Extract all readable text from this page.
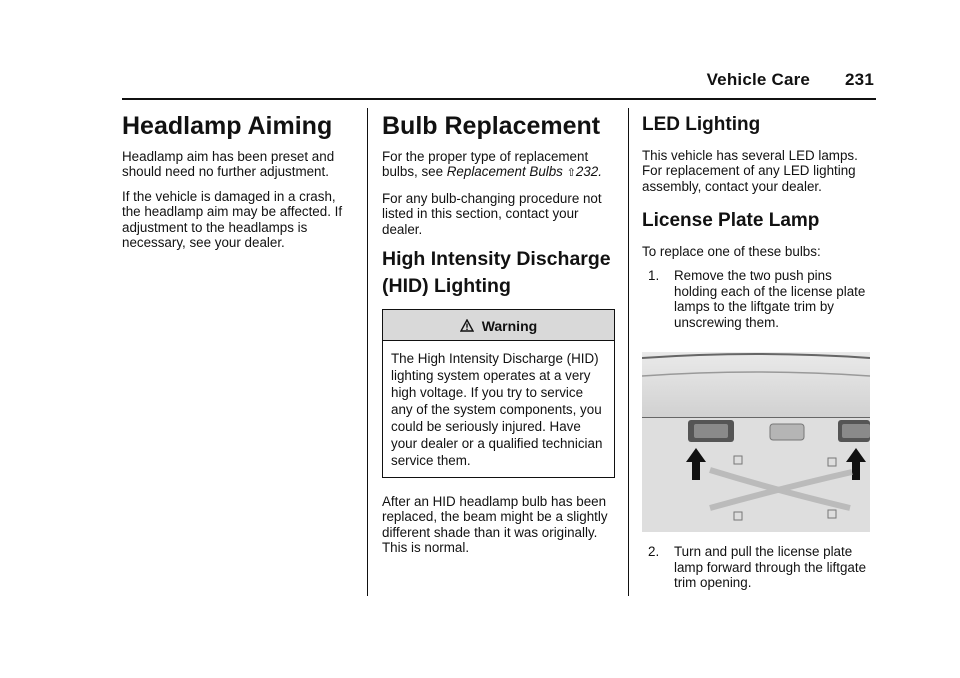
Vehicle Care 231
Headlamp Aiming

Headlamp aim has been preset and should need no further adjustment.

If the vehicle is damaged in a crash, the headlamp aim may be affected. If adjustment to the headlamps is necessary, see your dealer.

Bulb Replacement

For the proper type of replacement bulbs, see Replacement Bulbs ⇧232.

For any bulb-changing procedure not listed in this section, contact your dealer.

High Intensity Discharge (HID) Lighting
Warning
The High Intensity Discharge (HID) lighting system operates at a very high voltage. If you try to service any of the system components, you could be seriously injured. Have your dealer or a qualified technician service them.

After an HID headlamp bulb has been replaced, the beam might be a slightly different shade than it was originally. This is normal.

LED Lighting

This vehicle has several LED lamps. For replacement of any LED lighting assembly, contact your dealer.

License Plate Lamp

To replace one of these bulbs:

1. Remove the two push pins holding each of the license plate lamps to the liftgate trim by unscrewing them.
2. Turn and pull the license plate lamp forward through the liftgate trim opening.
